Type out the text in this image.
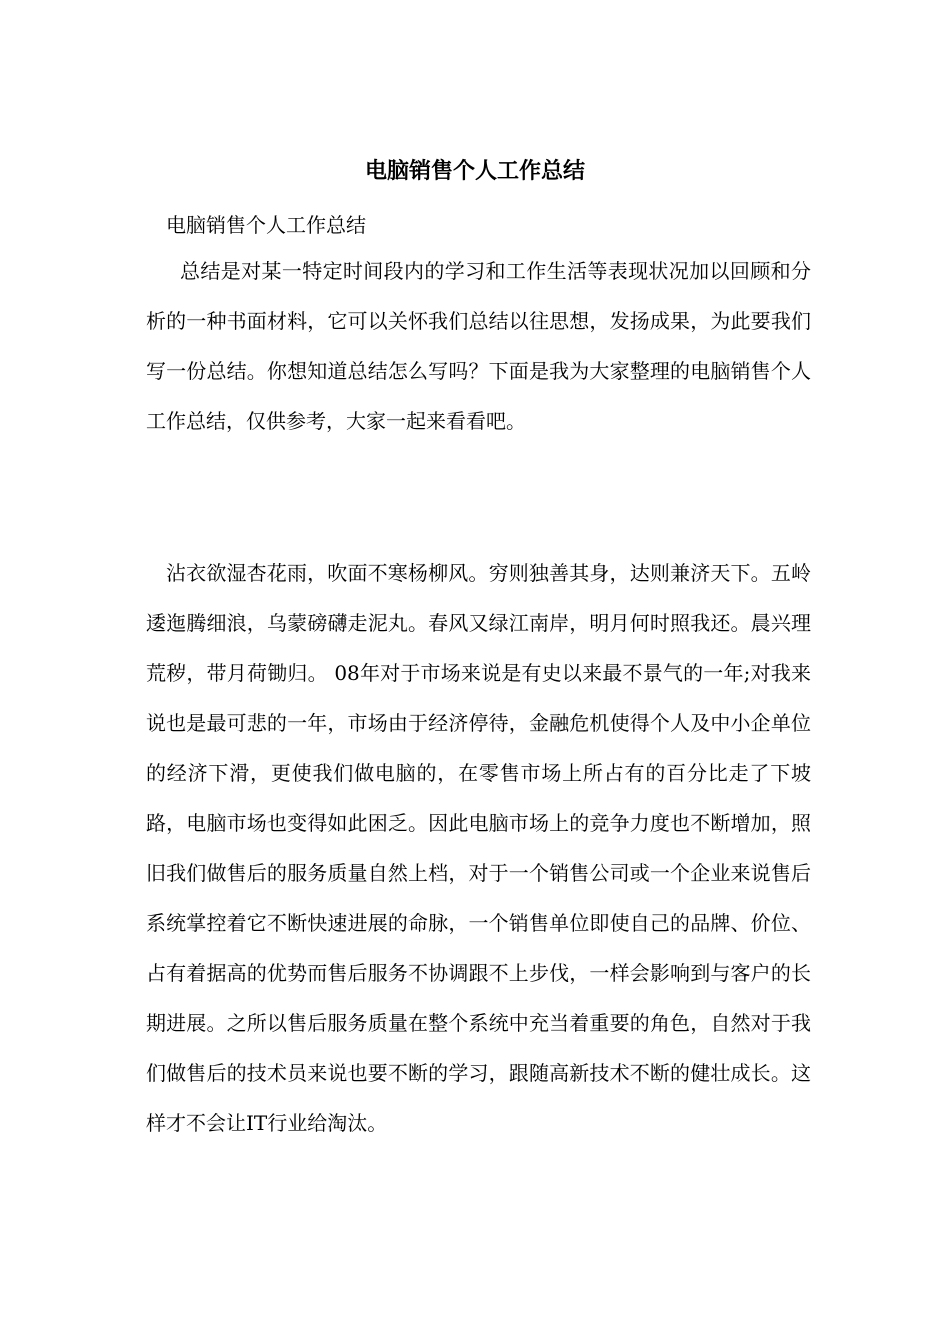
电脑销售个人工作总结
电脑销售个人工作总结

总结是对某一特定时间段内的学习和工作生活等表现状况加以回顾和分析的一种书面材料，它可以关怀我们总结以往思想，发扬成果，为此要我们写一份总结。你想知道总结怎么写吗？下面是我为大家整理的电脑销售个人工作总结，仅供参考，大家一起来看看吧。

沾衣欲湿杏花雨，吹面不寒杨柳风。穷则独善其身，达则兼济天下。五岭逶迤腾细浪，乌蒙磅礴走泥丸。春风又绿江南岸，明月何时照我还。晨兴理荒秽，带月荷锄归。 08年对于市场来说是有史以来最不景气的一年;对我来说也是最可悲的一年，市场由于经济停待，金融危机使得个人及中小企单位的经济下滑，更使我们做电脑的，在零售市场上所占有的百分比走了下坡路，电脑市场也变得如此困乏。因此电脑市场上的竞争力度也不断增加，照旧我们做售后的服务质量自然上档，对于一个销售公司或一个企业来说售后系统掌控着它不断快速进展的命脉，一个销售单位即使自己的品牌、价位、占有着据高的优势而售后服务不协调跟不上步伐，一样会影响到与客户的长期进展。之所以售后服务质量在整个系统中充当着重要的角色，自然对于我们做售后的技术员来说也要不断的学习，跟随高新技术不断的健壮成长。这样才不会让IT行业给淘汰。
